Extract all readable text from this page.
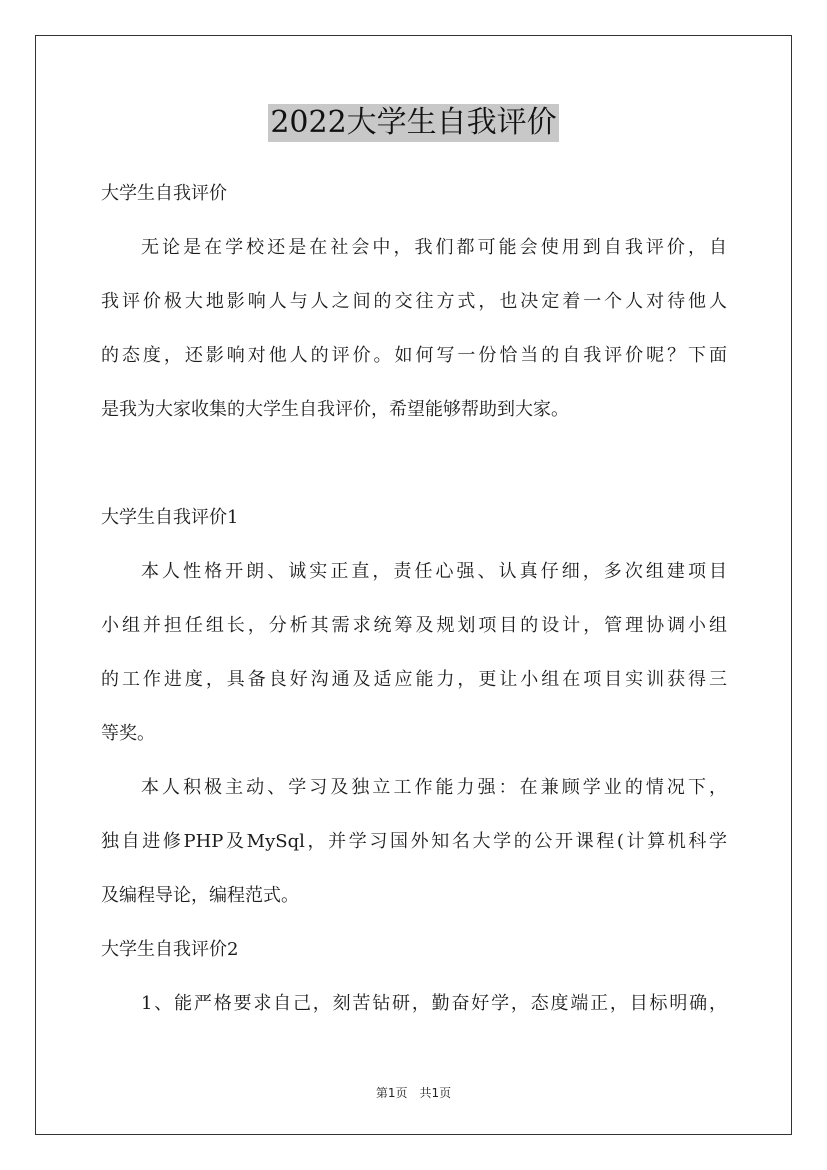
2022大学生自我评价
大学生自我评价
无论是在学校还是在社会中，我们都可能会使用到自我评价，自
我评价极大地影响人与人之间的交往方式，也决定着一个人对待他人
的态度，还影响对他人的评价。如何写一份恰当的自我评价呢？下面
是我为大家收集的大学生自我评价，希望能够帮助到大家。
大学生自我评价1
本人性格开朗、诚实正直，责任心强、认真仔细，多次组建项目
小组并担任组长，分析其需求统筹及规划项目的设计，管理协调小组
的工作进度，具备良好沟通及适应能力，更让小组在项目实训获得三
等奖。
本人积极主动、学习及独立工作能力强：在兼顾学业的情况下，
独自进修PHP及MySql，并学习国外知名大学的公开课程(计算机科学
及编程导论，编程范式。
大学生自我评价2
1、能严格要求自己，刻苦钻研，勤奋好学，态度端正，目标明确，
第1页　共1页
